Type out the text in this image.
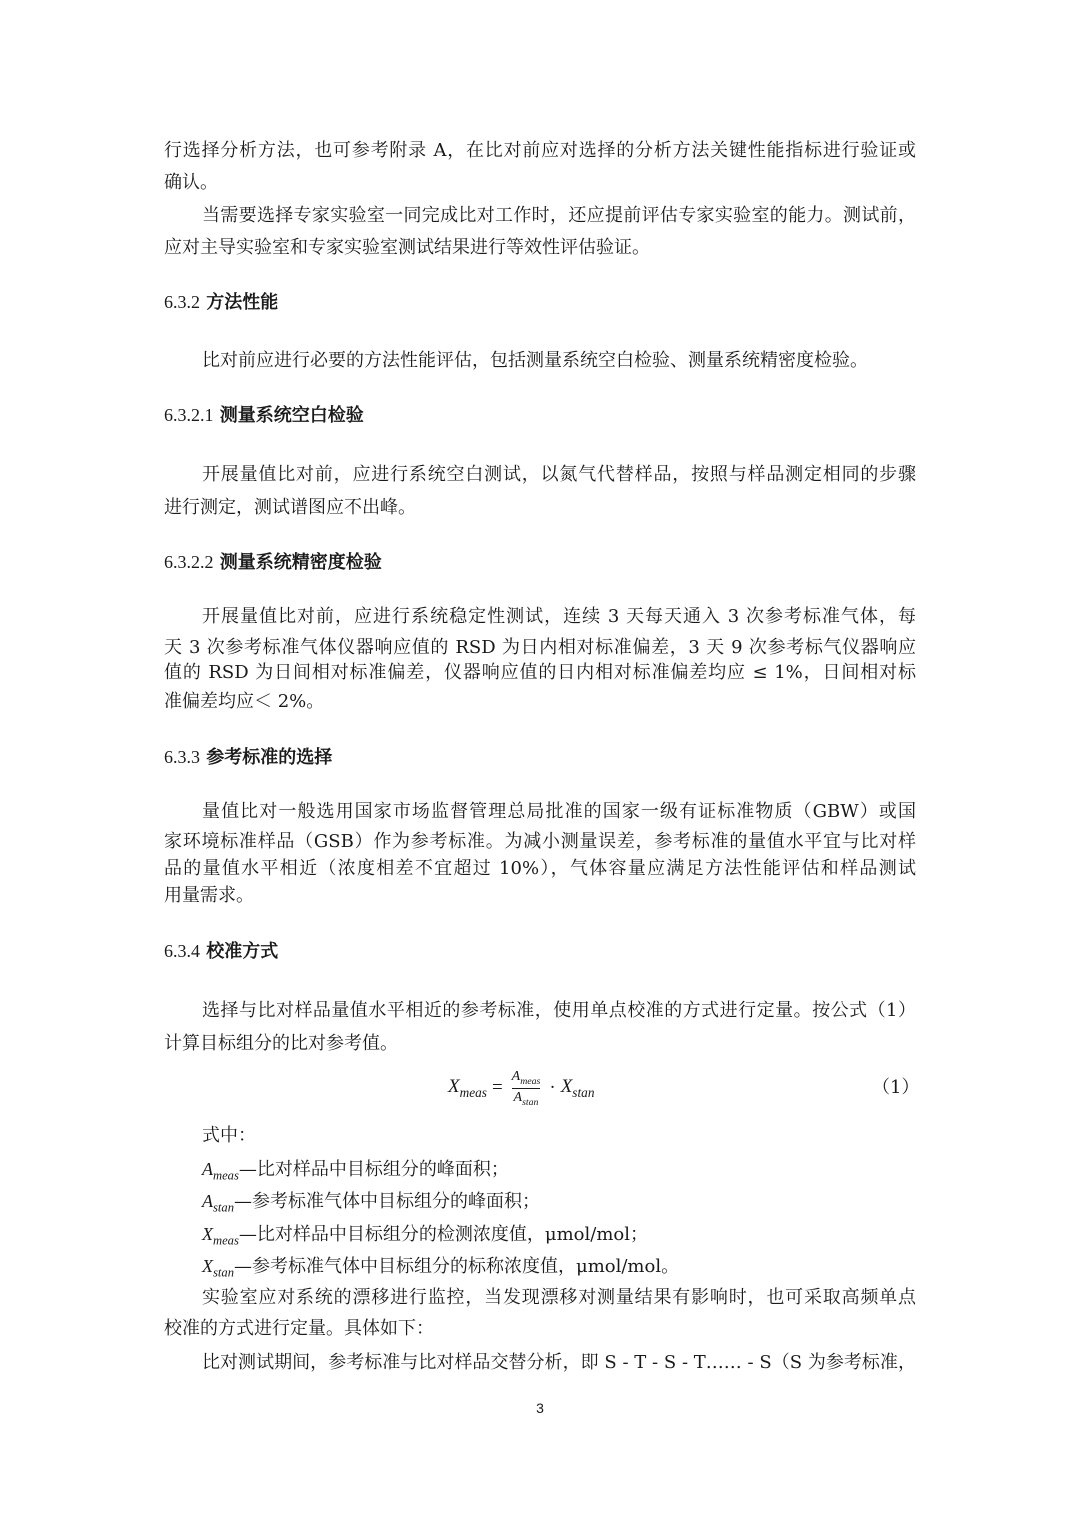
行选择分析方法，也可参考附录 A，在比对前应对选择的分析方法关键性能指标进行验证或
确认。
当需要选择专家实验室一同完成比对工作时，还应提前评估专家实验室的能力。测试前，
应对主导实验室和专家实验室测试结果进行等效性评估验证。
6.3.2 方法性能
比对前应进行必要的方法性能评估，包括测量系统空白检验、测量系统精密度检验。
6.3.2.1 测量系统空白检验
开展量值比对前，应进行系统空白测试，以氮气代替样品，按照与样品测定相同的步骤
进行测定，测试谱图应不出峰。
6.3.2.2 测量系统精密度检验
开展量值比对前，应进行系统稳定性测试，连续 3 天每天通入 3 次参考标准气体，每
天 3 次参考标准气体仪器响应值的 RSD 为日内相对标准偏差，3 天 9 次参考标气仪器响应
值的 RSD 为日间相对标准偏差，仪器响应值的日内相对标准偏差均应 ≤ 1%，日间相对标
准偏差均应＜ 2%。
6.3.3 参考标准的选择
量值比对一般选用国家市场监督管理总局批准的国家一级有证标准物质（GBW）或国
家环境标准样品（GSB）作为参考标准。为减小测量误差，参考标准的量值水平宜与比对样
品的量值水平相近（浓度相差不宜超过 10%），气体容量应满足方法性能评估和样品测试
用量需求。
6.3.4 校准方式
选择与比对样品量值水平相近的参考标准，使用单点校准的方式进行定量。按公式（1）
计算目标组分的比对参考值。
$X_{meas} = \frac{A_{meas}}{A_{stan}} \cdot X_{stan}$	（1）
式中：
$A_{meas}—$比对样品中目标组分的峰面积；
$A_{stan}—$参考标准气体中目标组分的峰面积；
$X_{meas}—$比对样品中目标组分的检测浓度值，μmol/mol；
$X_{stan}—$参考标准气体中目标组分的标称浓度值，μmol/mol。
实验室应对系统的漂移进行监控，当发现漂移对测量结果有影响时，也可采取高频单点
校准的方式进行定量。具体如下：
比对测试期间，参考标准与比对样品交替分析，即 S - T - S - T…… - S（S 为参考标准，
3
